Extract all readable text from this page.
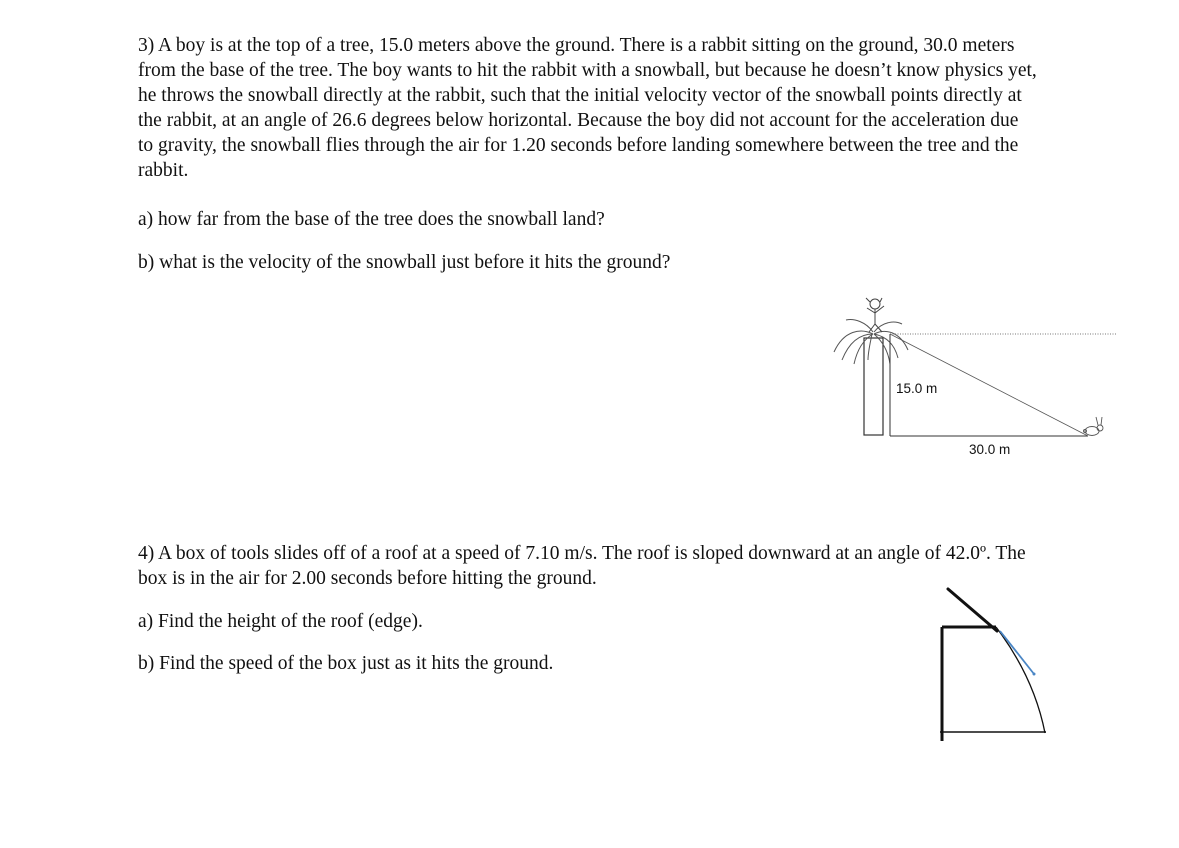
3) A boy is at the top of a tree, 15.0 meters above the ground. There is a rabbit sitting on the ground, 30.0 meters from the base of the tree. The boy wants to hit the rabbit with a snowball, but because he doesn’t know physics yet, he throws the snowball directly at the rabbit, such that the initial velocity vector of the snowball points directly at the rabbit, at an angle of 26.6 degrees below horizontal. Because the boy did not account for the acceleration due to gravity, the snowball flies through the air for 1.20 seconds before landing somewhere between the tree and the rabbit.

a) how far from the base of the tree does the snowball land?

b) what is the velocity of the snowball just before it hits the ground?

15.0 m
30.0 m

4) A box of tools slides off of a roof at a speed of 7.10 m/s. The roof is sloped downward at an angle of 42.0º. The box is in the air for 2.00 seconds before hitting the ground.

a) Find the height of the roof (edge).

b) Find the speed of the box just as it hits the ground.
